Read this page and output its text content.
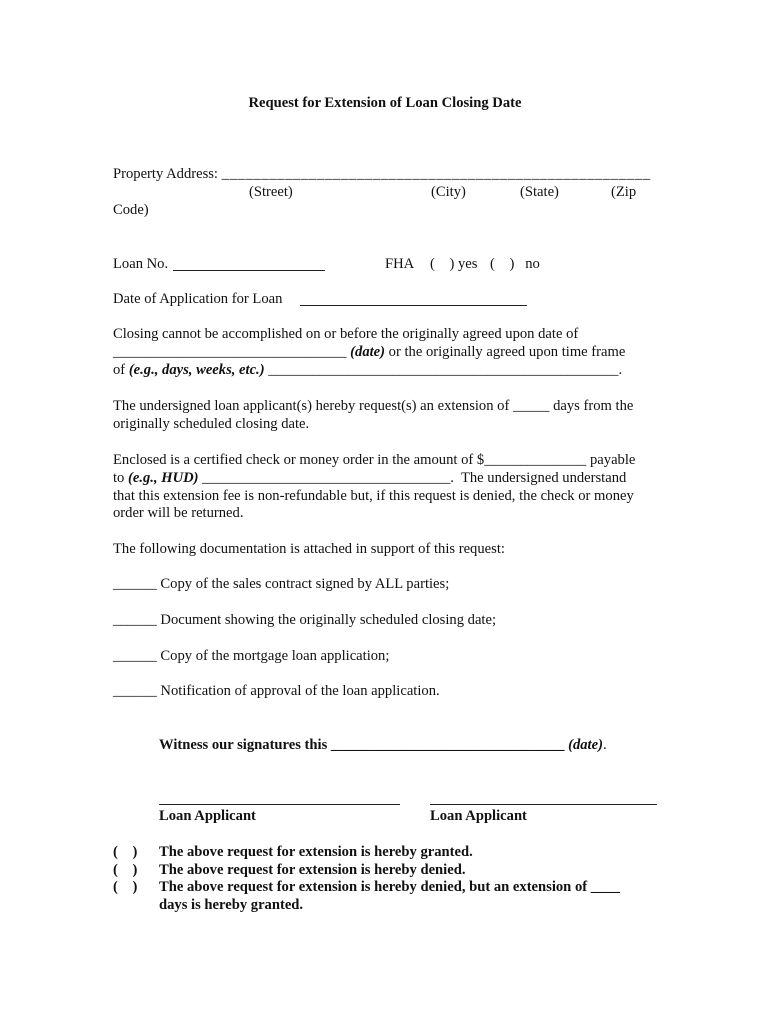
Request for Extension of Loan Closing Date
Property Address: ______________________________________________________
(Street)	(City)	(State)	(Zip
Code)
Loan No.	FHA (    ) yes (    )   no
Date of Application for Loan
Closing cannot be accomplished on or before the originally agreed upon date of
________________________________ (date) or the originally agreed upon time frame
of (e.g., days, weeks, etc.) ________________________________________________.
The undersigned loan applicant(s) hereby request(s) an extension of _____ days from the
originally scheduled closing date.
Enclosed is a certified check or money order in the amount of $______________ payable
to (e.g., HUD) __________________________________.  The undersigned understand
that this extension fee is non-refundable but, if this request is denied, the check or money
order will be returned.
The following documentation is attached in support of this request:
______ Copy of the sales contract signed by ALL parties;
______ Document showing the originally scheduled closing date;
______ Copy of the mortgage loan application;
______ Notification of approval of the loan application.
Witness our signatures this ________________________________ (date).
Loan Applicant	Loan Applicant
(    ) The above request for extension is hereby granted.
(    ) The above request for extension is hereby denied.
(    ) The above request for extension is hereby denied, but an extension of ____
days is hereby granted.
